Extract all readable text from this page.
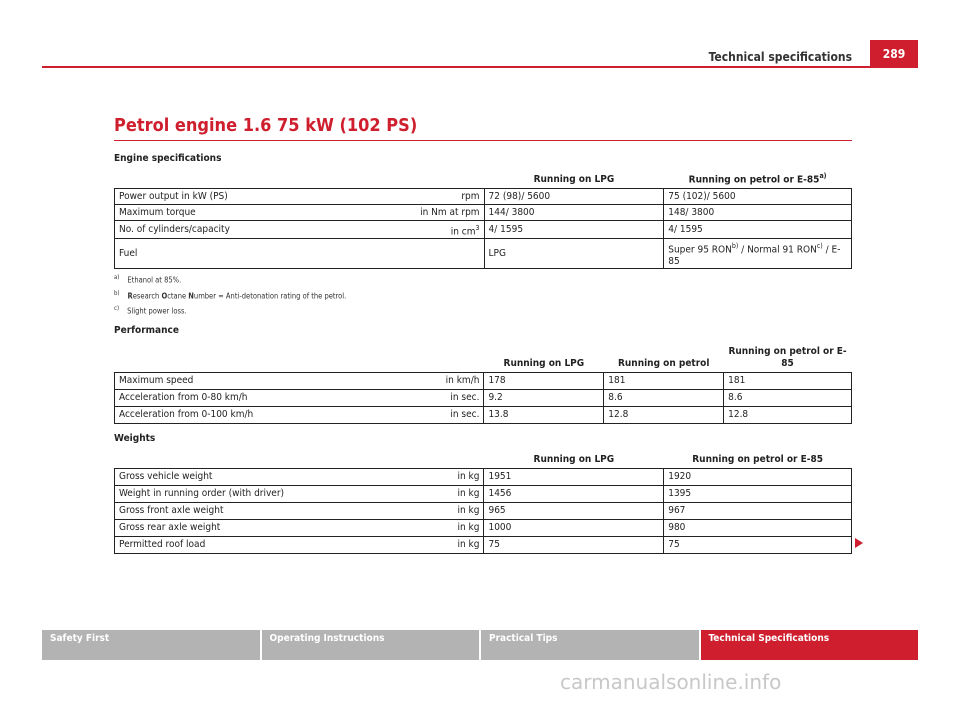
Technical specifications	289
Petrol engine 1.6 75 kW (102 PS)
Engine specifications
		Running on LPG	Running on petrol or E-85$^{a)}$
Power output in kW (PS)	rpm	72 (98)/ 5600	75 (102)/ 5600
Maximum torque	in Nm at rpm	144/ 3800	148/ 3800
No. of cylinders/capacity	in $cm^3$	4/ 1595	4/ 1595
Fuel		LPG	Super 95 RON$^{b)}$ / Normal 91 RON$^{c)}$ / E-85
$^{a)}$ Ethanol at 85%.
$^{b)}$ Research Octane Number = Anti-detonation rating of the petrol.
$^{c)}$ Slight power loss.
Performance
		Running on LPG	Running on petrol	Running on petrol or E-85
Maximum speed	in km/h	178	181	181
Acceleration from 0-80 km/h	in sec.	9.2	8.6	8.6
Acceleration from 0-100 km/h	in sec.	13.8	12.8	12.8
Weights
		Running on LPG	Running on petrol or E-85
Gross vehicle weight	in kg	1951	1920
Weight in running order (with driver)	in kg	1456	1395
Gross front axle weight	in kg	965	967
Gross rear axle weight	in kg	1000	980
Permitted roof load	in kg	75	75
Safety First	Operating Instructions	Practical Tips	Technical Specifications
carmanualsonline.info
